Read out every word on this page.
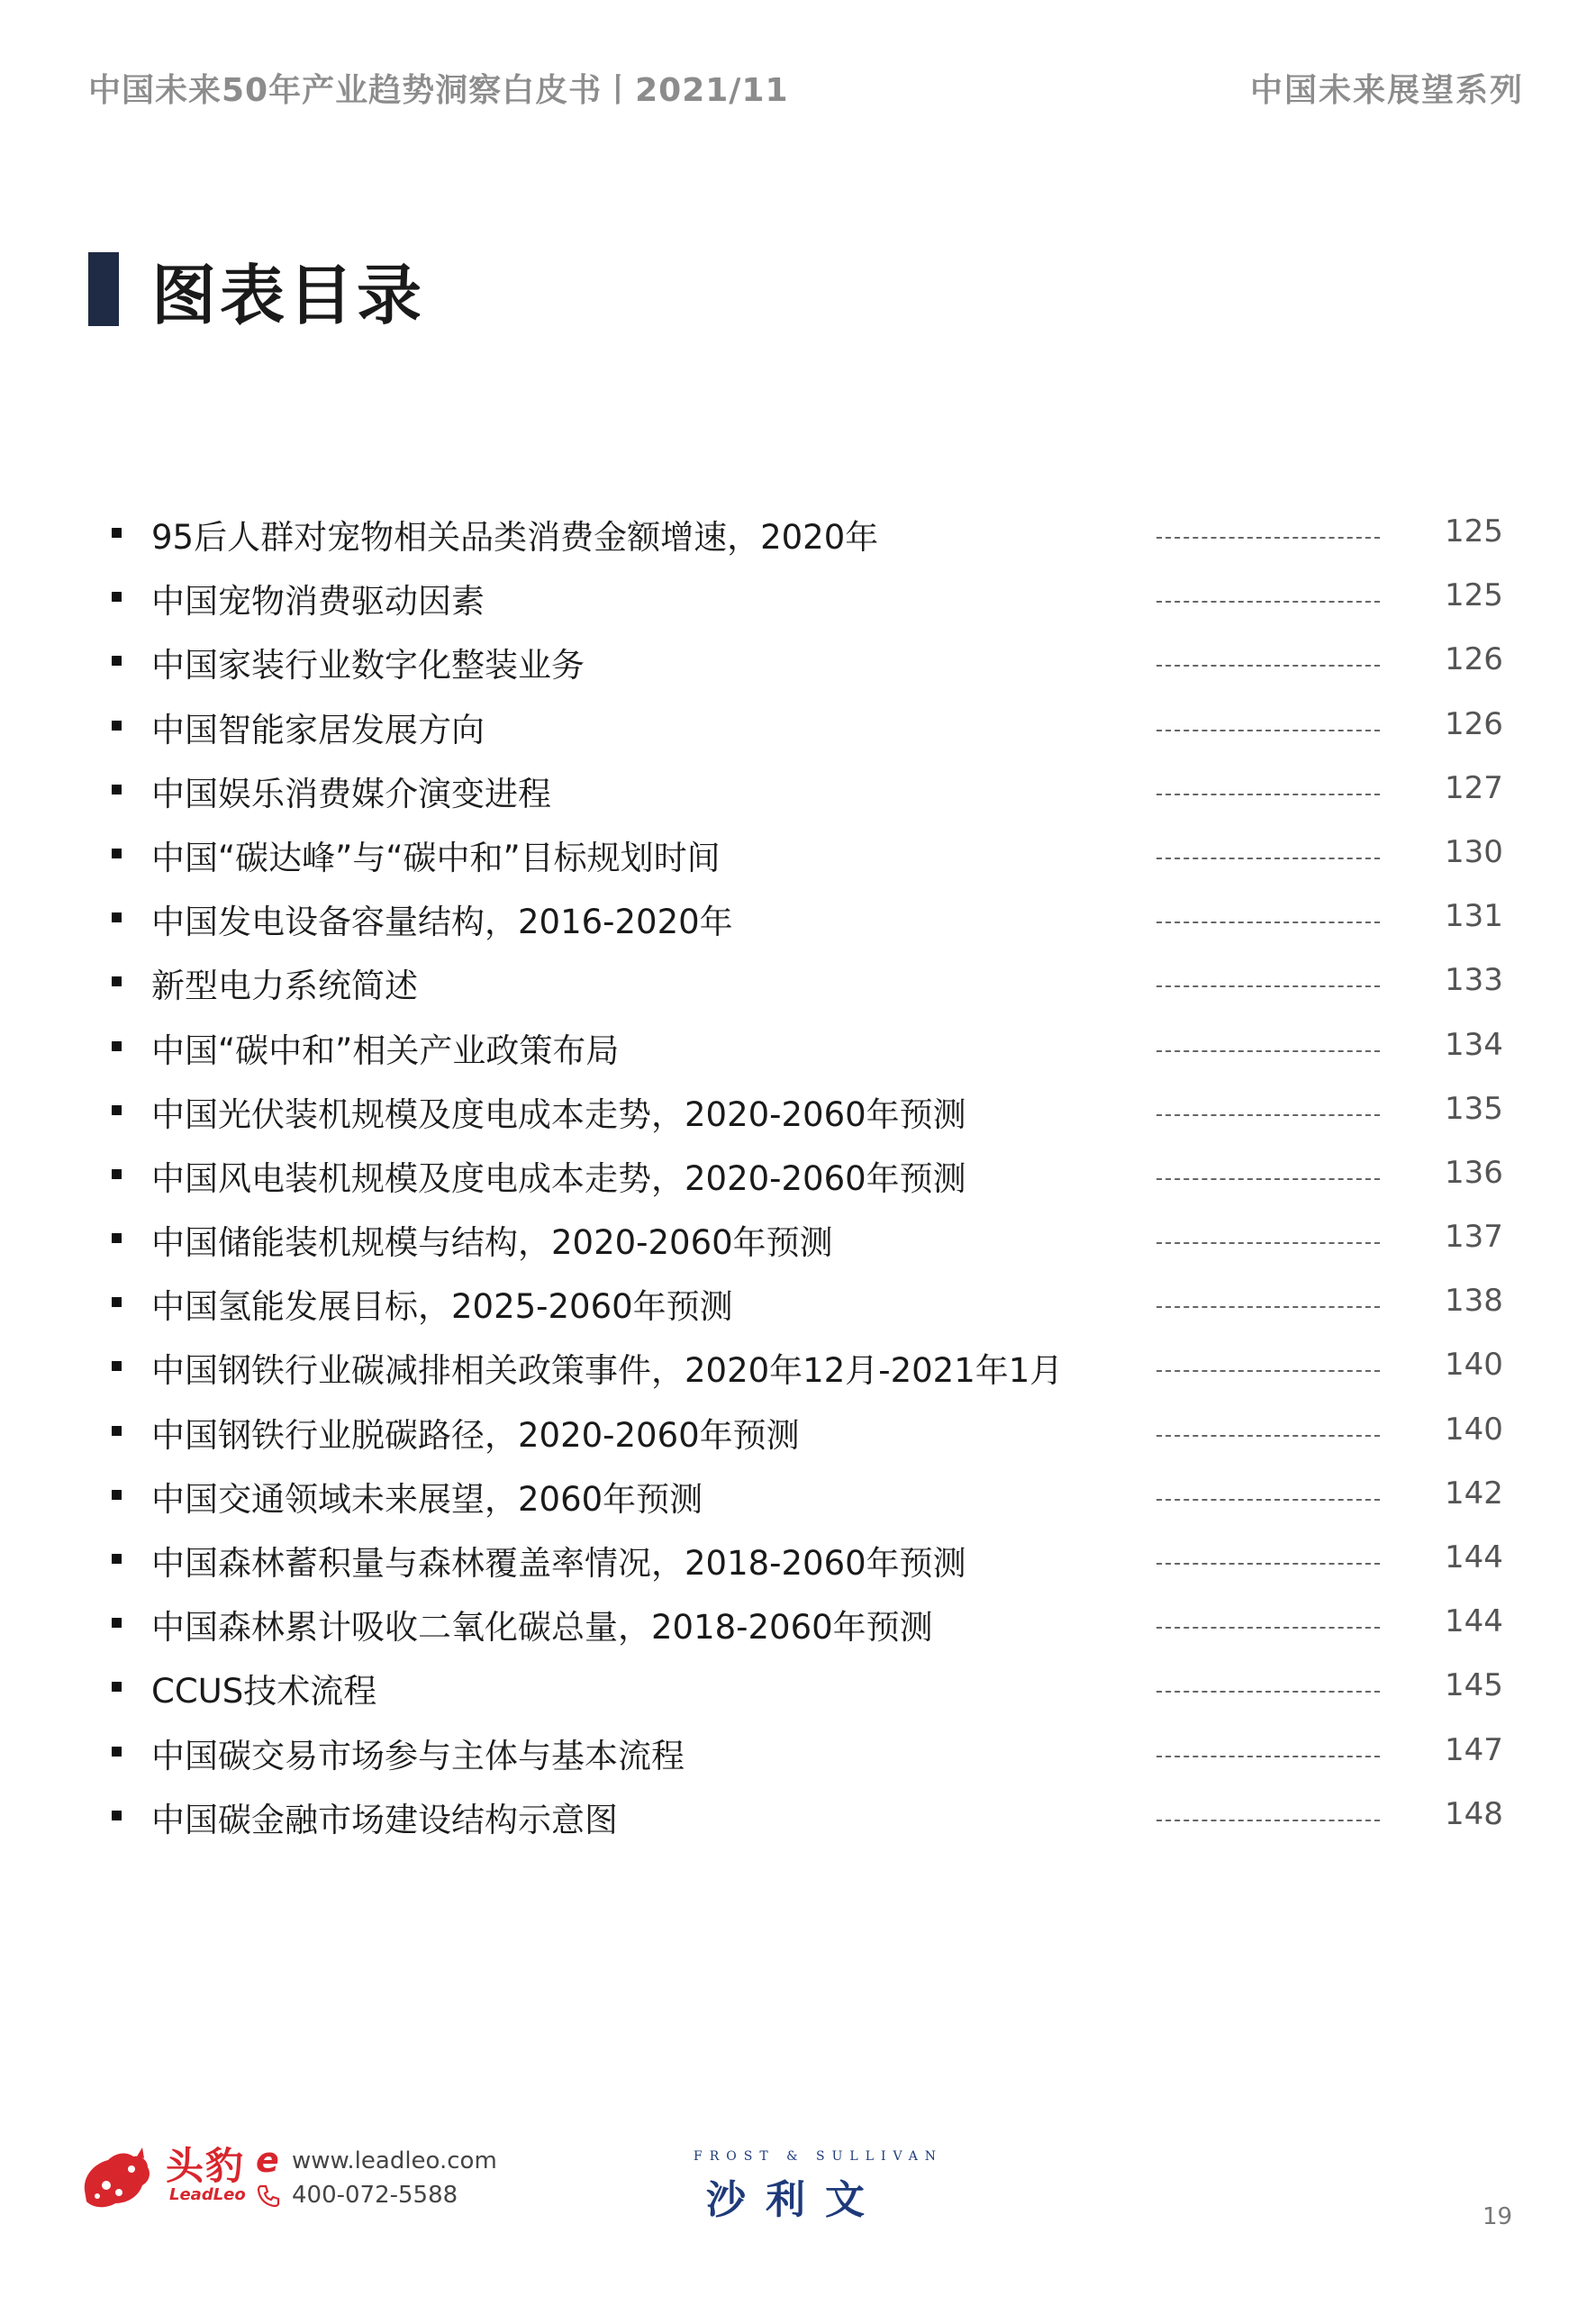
中国未来50年产业趋势洞察白皮书丨2021/11	中国未来展望系列
图表目录
95后人群对宠物相关品类消费金额增速，2020年	125
中国宠物消费驱动因素	125
中国家装行业数字化整装业务	126
中国智能家居发展方向	126
中国娱乐消费媒介演变进程	127
中国“碳达峰”与“碳中和”目标规划时间	130
中国发电设备容量结构，2016-2020年	131
新型电力系统简述	133
中国“碳中和”相关产业政策布局	134
中国光伏装机规模及度电成本走势，2020-2060年预测	135
中国风电装机规模及度电成本走势，2020-2060年预测	136
中国储能装机规模与结构，2020-2060年预测	137
中国氢能发展目标，2025-2060年预测	138
中国钢铁行业碳减排相关政策事件，2020年12月-2021年1月	140
中国钢铁行业脱碳路径，2020-2060年预测	140
中国交通领域未来展望，2060年预测	142
中国森林蓄积量与森林覆盖率情况，2018-2060年预测	144
中国森林累计吸收二氧化碳总量，2018-2060年预测	144
CCUS技术流程	145
中国碳交易市场参与主体与基本流程	147
中国碳金融市场建设结构示意图	148
头豹
LeadLeo
e www.leadleo.com
400-072-5588
FROST & SULLIVAN
沙利文	19
